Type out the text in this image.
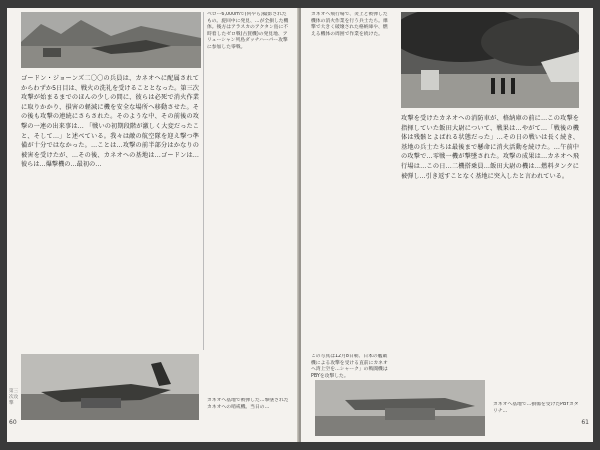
ベロー6,000mで(何やら)撮影されたもの。旋回中に発見、…が全損した機体。後方はアラスカのアクタン島に不時着したゼロ戦(古賀機)の発見地、アリューシャン列島ダッチハーバー攻撃に参加した零戦。
ゴードン・ジョーンズ二〇〇の兵員は、カネオヘに配属されてからわずか5日目は、戦火の洗礼を受けることとなった。第三次攻撃が始まるまでのほんの少しの間に、彼らは必死で消火作業に取りかかり、損害の軽減に機を安全な場所へ移動させた。その後も攻撃の連続にさらされた。そのような中、その前後の攻撃の一連の出来事は… 「戦いの初期段階が激しく大変だったこと、そして…」と述べている。我々は敵の航空隊を迎え撃つ準備が十分ではなかった。…ことは…攻撃の前半部分はかなりの被害を受けたが、…その後、カネオヘの基地は…ゴードンは…彼らは…爆撃機の…最初の…
カネオヘ基地で被弾した…撃墜されたカネオヘの哨戒機。当日の…
第三次攻撃
60
カネオヘ飛行場で、炎上と被弾した機体の消火作業を行う兵士たち。爆撃で大きく破壊された格納庫や、燃える機体の周囲で作業を続けた。
攻撃を受けたカネオヘの消防車が、格納庫の前に…この攻撃を指揮していた飯田大尉について、戦果は…やがて…「戦後の機体は残骸とよばれる状態だった」…その日の戦いは長く続き、基地の兵士たちは最後まで懸命に消火活動を続けた。…午前中の攻撃で…零戦一機が撃墜された。攻撃の成果は…カネオヘ飛行場は…この日…二機搭乗員…飯田大尉の機は…燃料タンクに被弾し…引き返すことなく基地に突入したと言われている。
この写真は12月8日朝、日本の艦載機による攻撃を受ける直前にカネオヘ湾上空を…シャーク」の戦闘機はPBYを攻撃した。
カネオヘ基地で…損傷を受けたPBYカタリナ…
61
